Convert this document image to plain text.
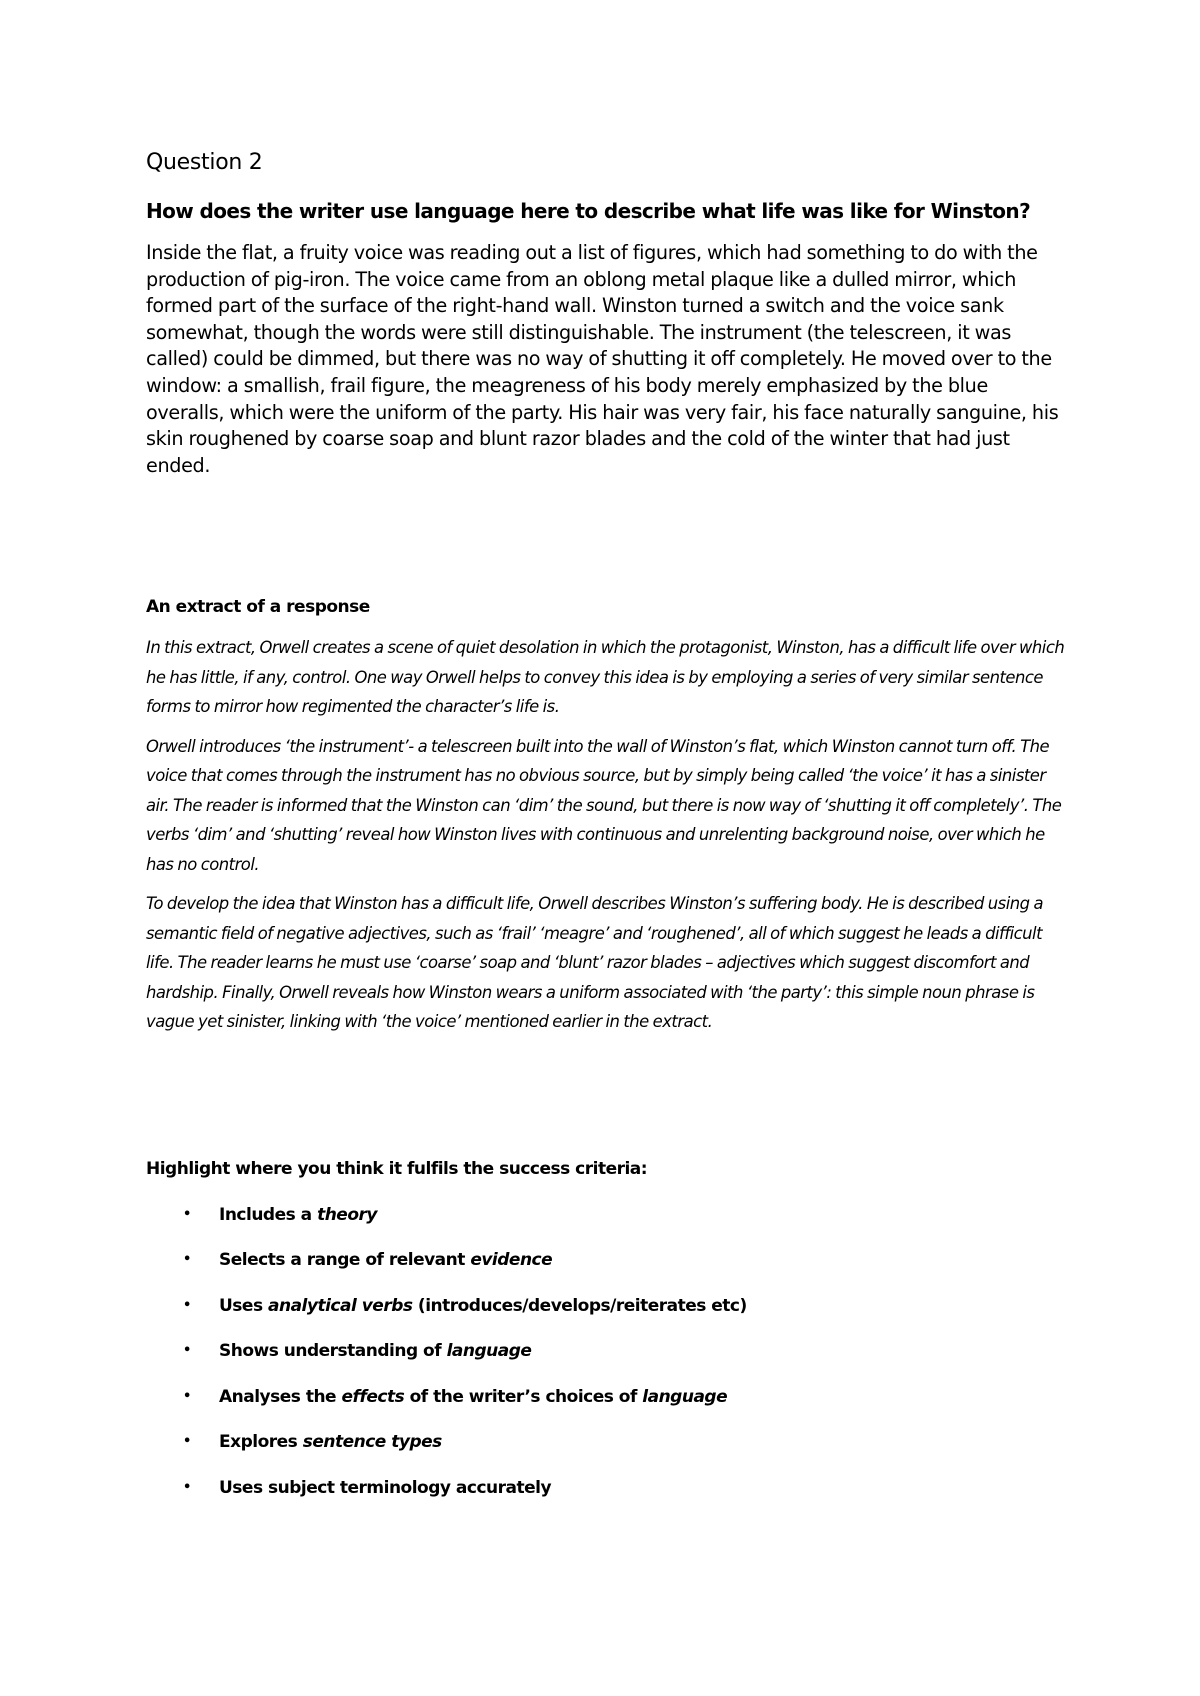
Question 2
How does the writer use language here to describe what life was like for Winston?

Inside the flat, a fruity voice was reading out a list of figures, which had something to do with the production of pig-iron. The voice came from an oblong metal plaque like a dulled mirror, which formed part of the surface of the right-hand wall. Winston turned a switch and the voice sank somewhat, though the words were still distinguishable. The instrument (the telescreen, it was called) could be dimmed, but there was no way of shutting it off completely. He moved over to the window: a smallish, frail figure, the meagreness of his body merely emphasized by the blue overalls, which were the uniform of the party. His hair was very fair, his face naturally sanguine, his skin roughened by coarse soap and blunt razor blades and the cold of the winter that had just ended.

An extract of a response

In this extract, Orwell creates a scene of quiet desolation in which the protagonist, Winston, has a difficult life over which he has little, if any, control. One way Orwell helps to convey this idea is by employing a series of very similar sentence forms to mirror how regimented the character’s life is.

Orwell introduces ‘the instrument’- a telescreen built into the wall of Winston’s flat, which Winston cannot turn off. The voice that comes through the instrument has no obvious source, but by simply being called ‘the voice’ it has a sinister air. The reader is informed that the Winston can ‘dim’ the sound, but there is now way of ‘shutting it off completely’. The verbs ‘dim’ and ‘shutting’ reveal how Winston lives with continuous and unrelenting background noise, over which he has no control.

To develop the idea that Winston has a difficult life, Orwell describes Winston’s suffering body. He is described using a semantic field of negative adjectives, such as ‘frail’ ‘meagre’ and ‘roughened’, all of which suggest he leads a difficult life. The reader learns he must use ‘coarse’ soap and ‘blunt’ razor blades – adjectives which suggest discomfort and hardship. Finally, Orwell reveals how Winston wears a uniform associated with ‘the party’: this simple noun phrase is vague yet sinister, linking with ‘the voice’ mentioned earlier in the extract.

Highlight where you think it fulfils the success criteria:
• Includes a theory
• Selects a range of relevant evidence
• Uses analytical verbs (introduces/develops/reiterates etc)
• Shows understanding of language
• Analyses the effects of the writer’s choices of language
• Explores sentence types
• Uses subject terminology accurately
